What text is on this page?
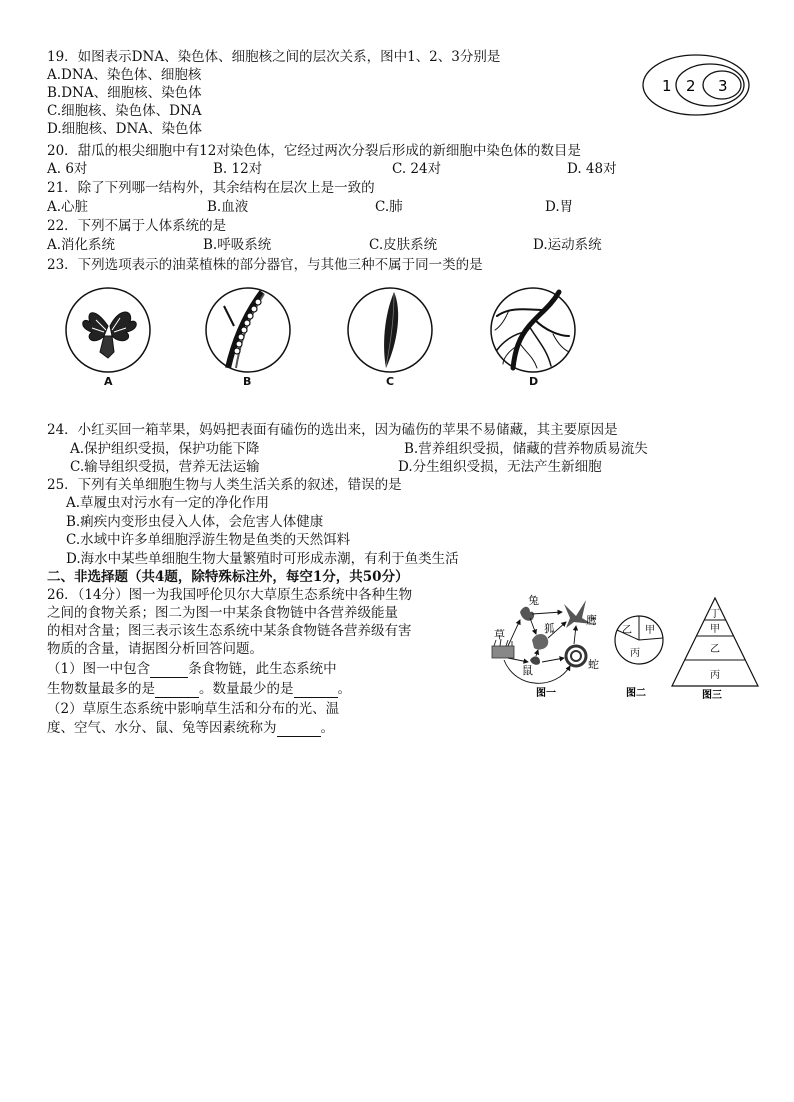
19．如图表示DNA、染色体、细胞核之间的层次关系，图中1、2、3分别是
A.DNA、染色体、细胞核
B.DNA、细胞核、染色体
C.细胞核、染色体、DNA
D.细胞核、DNA、染色体
1 2 3
20．甜瓜的根尖细胞中有12对染色体，它经过两次分裂后形成的新细胞中染色体的数目是
A. 6对	B. 12对	C. 24对	D. 48对
21．除了下列哪一结构外，其余结构在层次上是一致的
A.心脏	B.血液	C.肺	D.胃
22．下列不属于人体系统的是
A.消化系统	B.呼吸系统	C.皮肤系统	D.运动系统
23．下列选项表示的油菜植株的部分器官，与其他三种不属于同一类的是
A	B	C	D
24．小红买回一箱苹果，妈妈把表面有磕伤的选出来，因为磕伤的苹果不易储藏，其主要原因是
A.保护组织受损，保护功能下降	B.营养组织受损，储藏的营养物质易流失
C.输导组织受损，营养无法运输	D.分生组织受损，无法产生新细胞
25．下列有关单细胞生物与人类生活关系的叙述，错误的是
A.草履虫对污水有一定的净化作用
B.痢疾内变形虫侵入人体，会危害人体健康
C.水域中许多单细胞浮游生物是鱼类的天然饵料
D.海水中某些单细胞生物大量繁殖时可形成赤潮，有利于鱼类生活
二、非选择题（共4题，除特殊标注外，每空1分，共50分）
26．（14分）图一为我国呼伦贝尔大草原生态系统中各种生物
之间的食物关系；图二为图一中某条食物链中各营养级能量
的相对含量；图三表示该生态系统中某条食物链各营养级有害
物质的含量，请据图分析回答问题。
（1）图一中包含	条食物链，此生态系统中
生物数量最多的是	。数量最少的是	。
（2）草原生态系统中影响草生活和分布的光、温
度、空气、水分、鼠、兔等因素统称为	。
草
兔
狐
鹰
鼠	蛇
图一
乙 甲
丙
图二
丁
甲
乙
丙
图三
